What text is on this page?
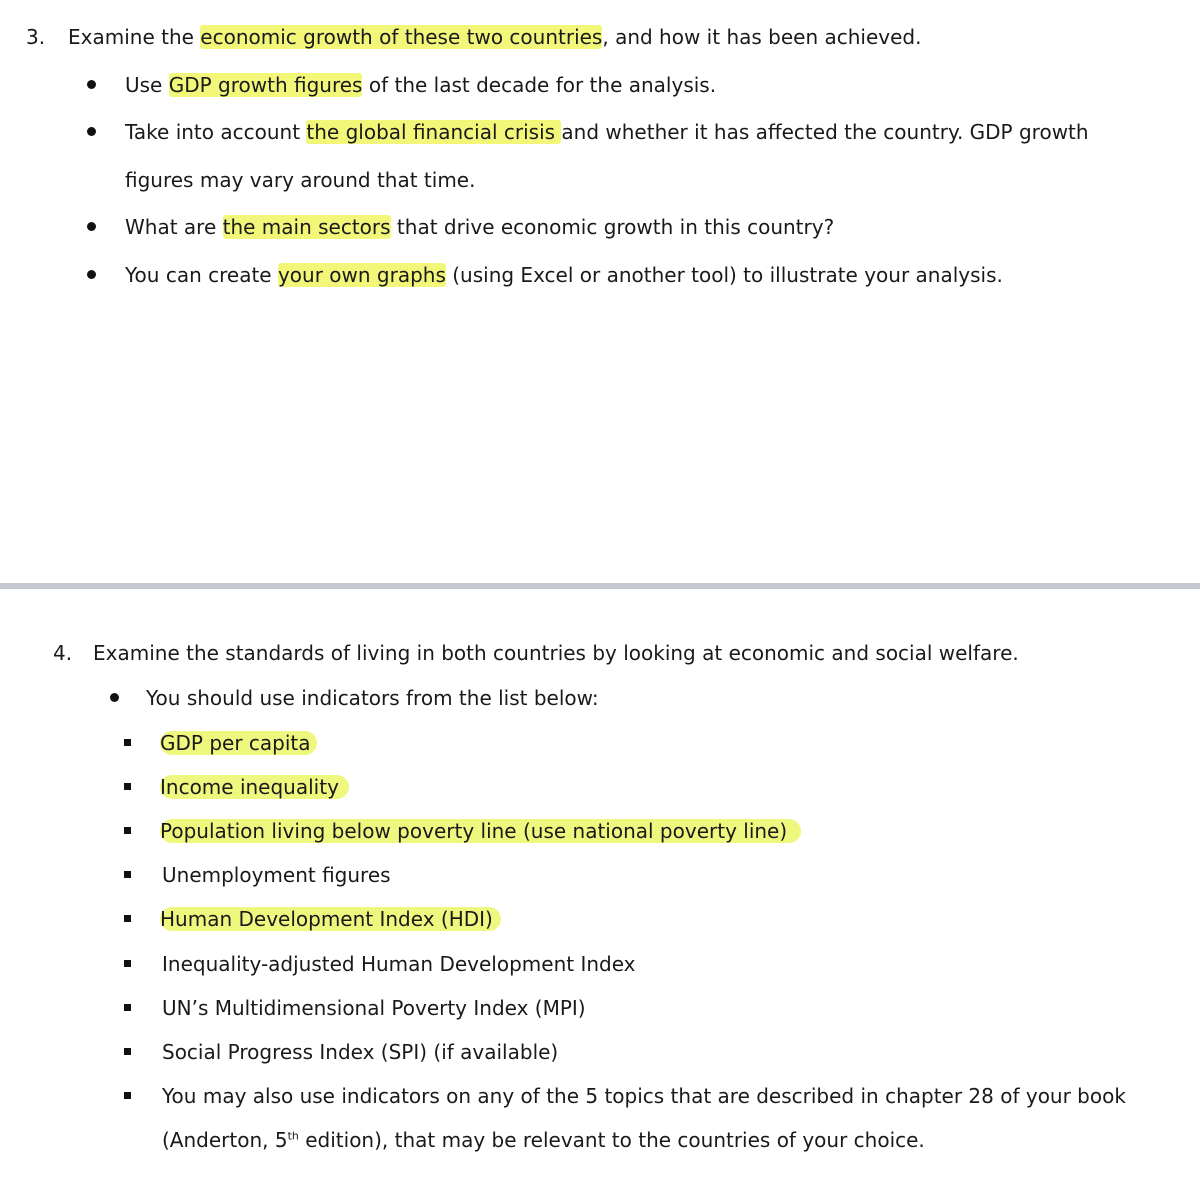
3. Examine the economic growth of these two countries, and how it has been achieved.
Use GDP growth figures of the last decade for the analysis.
Take into account the global financial crisis and whether it has affected the country. GDP growth
figures may vary around that time.
What are the main sectors that drive economic growth in this country?
You can create your own graphs (using Excel or another tool) to illustrate your analysis.
4. Examine the standards of living in both countries by looking at economic and social welfare.
You should use indicators from the list below:
GDP per capita
Income inequality
Population living below poverty line (use national poverty line)
Unemployment figures
Human Development Index (HDI)
Inequality-adjusted Human Development Index
UN’s Multidimensional Poverty Index (MPI)
Social Progress Index (SPI) (if available)
You may also use indicators on any of the 5 topics that are described in chapter 28 of your book
(Anderton, 5th edition), that may be relevant to the countries of your choice.
